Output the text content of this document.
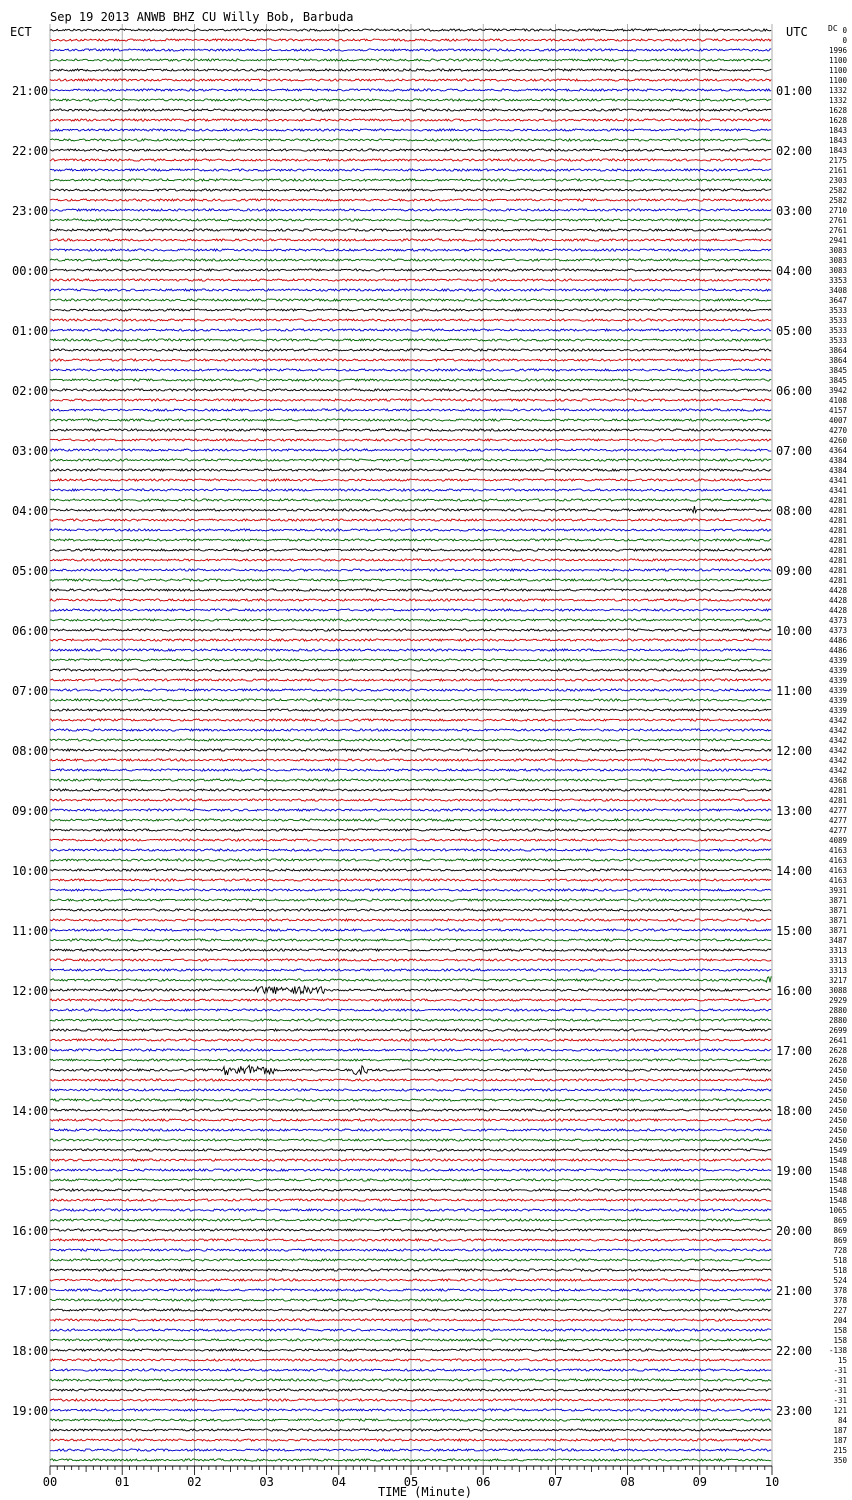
Sep 19 2013 ANWB BHZ CU Willy Bob, Barbuda
ECT	UTC	DC
21:00
22:00
23:00
00:00
01:00
02:00
03:00
04:00
05:00
06:00
07:00
08:00
09:00
10:00
11:00
12:00
13:00
14:00
15:00
16:00
17:00
18:00
19:00
01:00
02:00
03:00
04:00
05:00
06:00
07:00
08:00
09:00
10:00
11:00
12:00
13:00
14:00
15:00
16:00
17:00
18:00
19:00
20:00
21:00
22:00
23:00
0
0
1996
1100
1100
1100
1332
1332
1628
1628
1843
1843
1843
2175
2161
2303
2582
2582
2710
2761
2761
2941
3083
3083
3083
3353
3408
3647
3533
3533
3533
3533
3864
3864
3845
3845
3942
4108
4157
4007
4270
4260
4364
4384
4384
4341
4341
4281
4281
4281
4281
4281
4281
4281
4281
4281
4428
4428
4428
4373
4373
4486
4486
4339
4339
4339
4339
4339
4339
4342
4342
4342
4342
4342
4342
4368
4281
4281
4277
4277
4277
4089
4163
4163
4163
4163
3931
3871
3871
3871
3871
3487
3313
3313
3313
3217
3088
2929
2880
2880
2699
2641
2628
2628
2450
2450
2450
2450
2450
2450
2450
2450
1549
1548
1548
1548
1548
1548
1065
869
869
869
728
518
518
524
378
378
227
204
158
158
-138
15
-31
-31
-31
-31
121
84
187
187
215
350
00	01	02	03	04	05	06	07	08	09	10
TIME (Minute)
